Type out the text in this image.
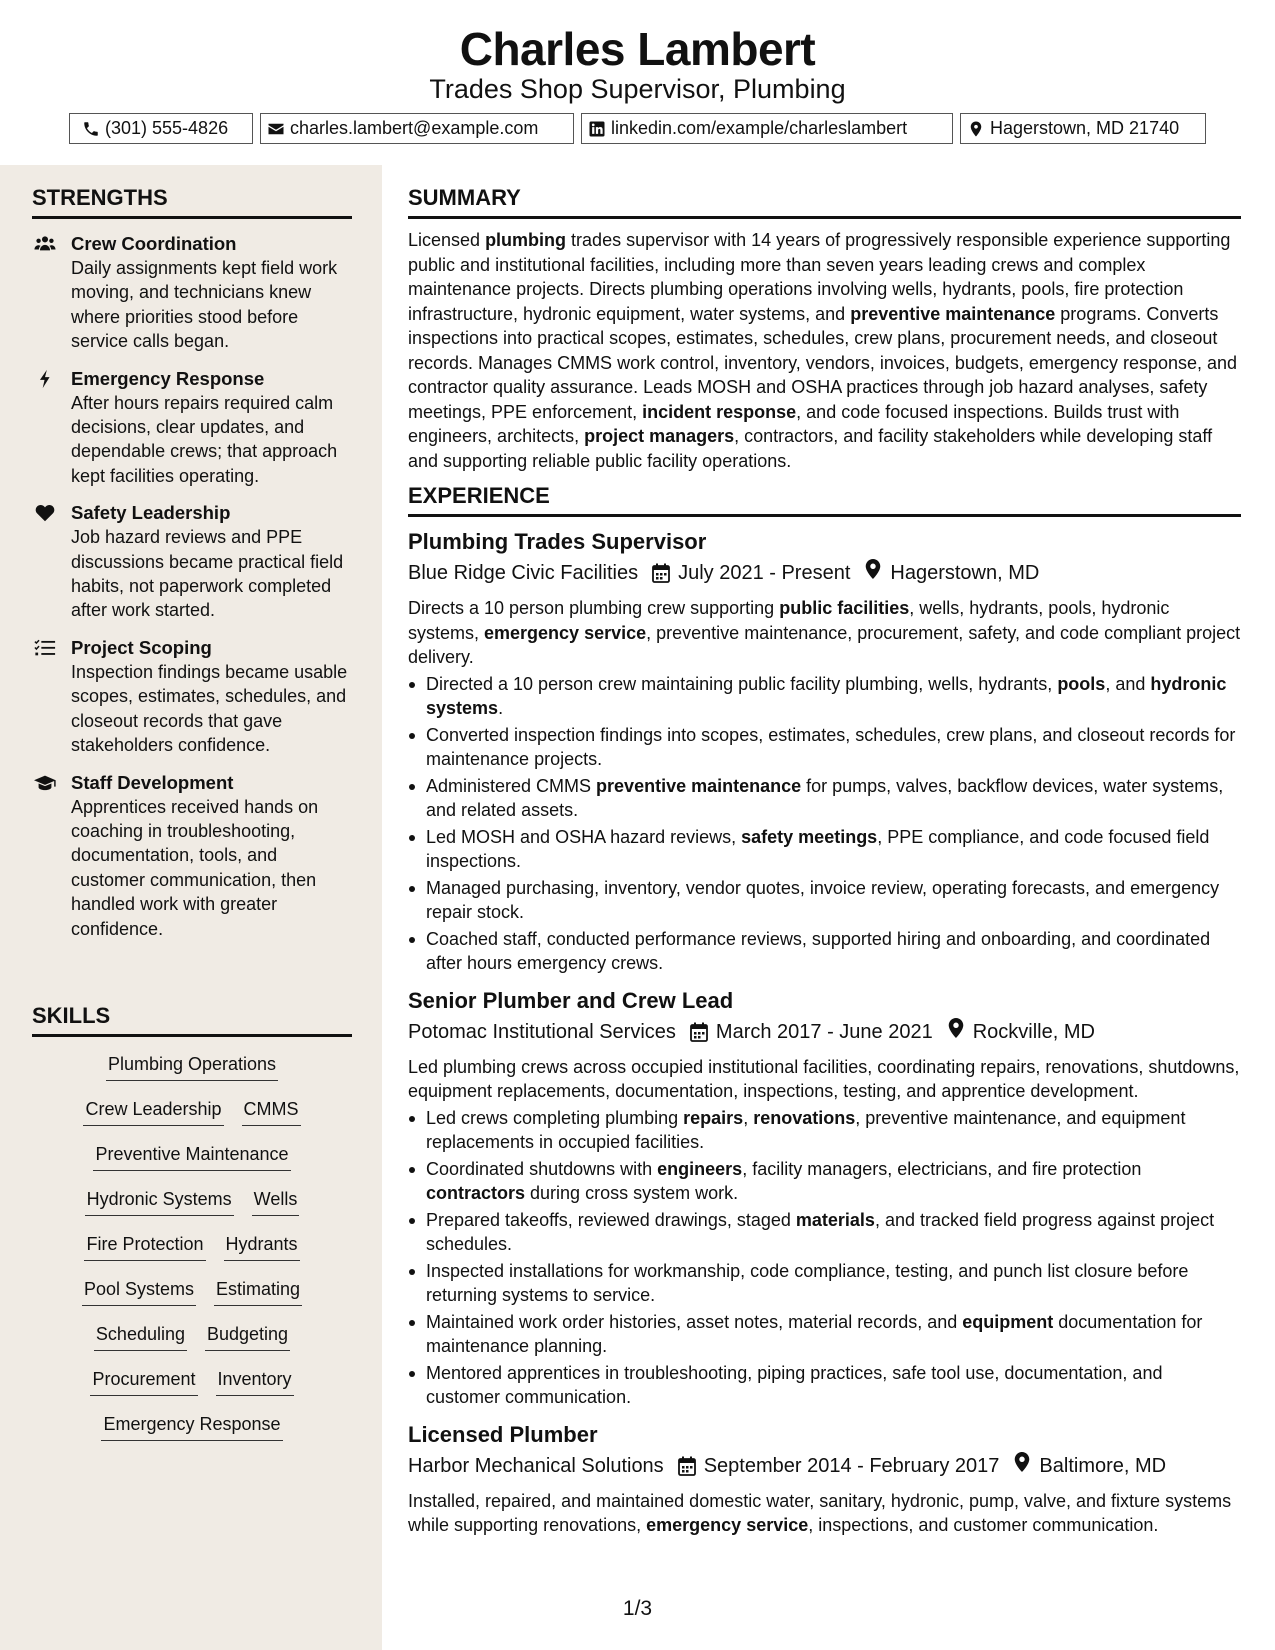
Charles Lambert
Trades Shop Supervisor, Plumbing
(301) 555-4826	charles.lambert@example.com	linkedin.com/example/charleslambert	Hagerstown, MD 21740
STRENGTHS
Crew Coordination
Daily assignments kept field work moving, and technicians knew where priorities stood before service calls began.
Emergency Response
After hours repairs required calm decisions, clear updates, and dependable crews; that approach kept facilities operating.
Safety Leadership
Job hazard reviews and PPE discussions became practical field habits, not paperwork completed after work started.
Project Scoping
Inspection findings became usable scopes, estimates, schedules, and closeout records that gave stakeholders confidence.
Staff Development
Apprentices received hands on coaching in troubleshooting, documentation, tools, and customer communication, then handled work with greater confidence.
SKILLS
Plumbing Operations
Crew Leadership CMMS
Preventive Maintenance
Hydronic Systems Wells
Fire Protection Hydrants
Pool Systems Estimating
Scheduling Budgeting
Procurement Inventory
Emergency Response
SUMMARY

Licensed plumbing trades supervisor with 14 years of progressively responsible experience supporting public and institutional facilities, including more than seven years leading crews and complex maintenance projects. Directs plumbing operations involving wells, hydrants, pools, fire protection infrastructure, hydronic equipment, water systems, and preventive maintenance programs. Converts inspections into practical scopes, estimates, schedules, crew plans, procurement needs, and closeout records. Manages CMMS work control, inventory, vendors, invoices, budgets, emergency response, and contractor quality assurance. Leads MOSH and OSHA practices through job hazard analyses, safety meetings, PPE enforcement, incident response, and code focused inspections. Builds trust with engineers, architects, project managers, contractors, and facility stakeholders while developing staff and supporting reliable public facility operations.

EXPERIENCE
Plumbing Trades Supervisor
Blue Ridge Civic Facilities July 2021 - Present Hagerstown, MD
Directs a 10 person plumbing crew supporting public facilities, wells, hydrants, pools, hydronic systems, emergency service, preventive maintenance, procurement, safety, and code compliant project delivery.
Directed a 10 person crew maintaining public facility plumbing, wells, hydrants, pools, and hydronic systems.
Converted inspection findings into scopes, estimates, schedules, crew plans, and closeout records for maintenance projects.
Administered CMMS preventive maintenance for pumps, valves, backflow devices, water systems, and related assets.
Led MOSH and OSHA hazard reviews, safety meetings, PPE compliance, and code focused field inspections.
Managed purchasing, inventory, vendor quotes, invoice review, operating forecasts, and emergency repair stock.
Coached staff, conducted performance reviews, supported hiring and onboarding, and coordinated after hours emergency crews.
Senior Plumber and Crew Lead
Potomac Institutional Services March 2017 - June 2021 Rockville, MD
Led plumbing crews across occupied institutional facilities, coordinating repairs, renovations, shutdowns, equipment replacements, documentation, inspections, testing, and apprentice development.
Led crews completing plumbing repairs, renovations, preventive maintenance, and equipment replacements in occupied facilities.
Coordinated shutdowns with engineers, facility managers, electricians, and fire protection contractors during cross system work.
Prepared takeoffs, reviewed drawings, staged materials, and tracked field progress against project schedules.
Inspected installations for workmanship, code compliance, testing, and punch list closure before returning systems to service.
Maintained work order histories, asset notes, material records, and equipment documentation for maintenance planning.
Mentored apprentices in troubleshooting, piping practices, safe tool use, documentation, and customer communication.
Licensed Plumber
Harbor Mechanical Solutions September 2014 - February 2017 Baltimore, MD
Installed, repaired, and maintained domestic water, sanitary, hydronic, pump, valve, and fixture systems while supporting renovations, emergency service, inspections, and customer communication.
1/3
